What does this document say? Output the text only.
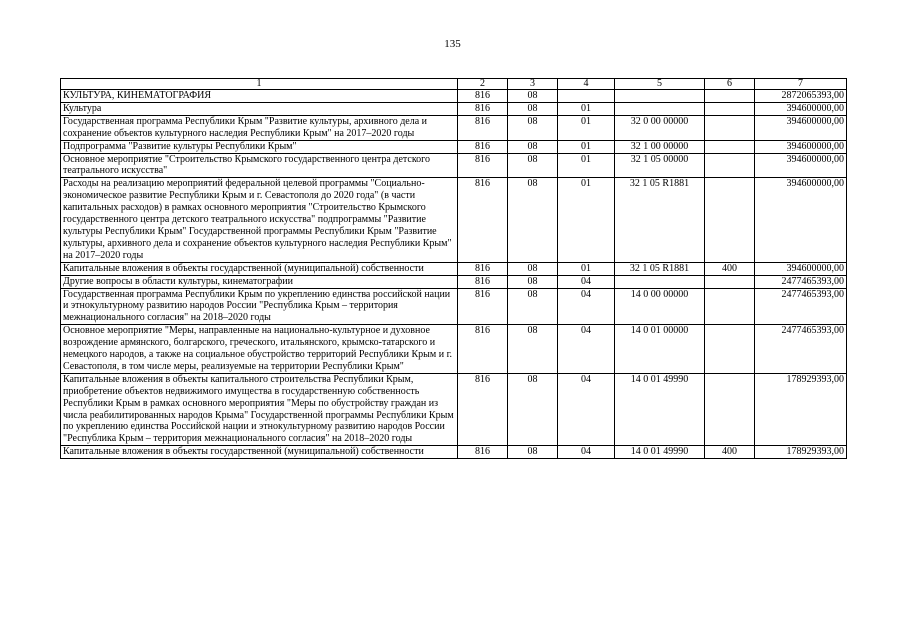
135
1	2	3	4	5	6	7
КУЛЬТУРА, КИНЕМАТОГРАФИЯ	816	08				2872065393,00
Культура	816	08	01			394600000,00
Государственная программа Республики Крым "Развитие культуры, архивного дела и сохранение объектов культурного наследия Республики Крым" на 2017–2020 годы	816	08	01	32 0 00 00000		394600000,00
Подпрограмма "Развитие культуры Республики Крым"	816	08	01	32 1 00 00000		394600000,00
Основное мероприятие "Строительство Крымского государственного центра детского театрального искусства"	816	08	01	32 1 05 00000		394600000,00
Расходы на реализацию мероприятий федеральной целевой программы "Социально-экономическое развитие Республики Крым и г. Севастополя до 2020 года" (в части капитальных расходов) в рамках основного мероприятия "Строительство Крымского государственного центра детского театрального искусства" подпрограммы "Развитие культуры Республики Крым" Государственной программы Республики Крым "Развитие культуры, архивного дела и сохранение объектов культурного наследия Республики Крым" на 2017–2020 годы	816	08	01	32 1 05 R1881		394600000,00
Капитальные вложения в объекты государственной (муниципальной) собственности	816	08	01	32 1 05 R1881	400	394600000,00
Другие вопросы в области культуры, кинематографии	816	08	04			2477465393,00
Государственная программа Республики Крым по укреплению единства российской нации и этнокультурному развитию народов России "Республика Крым – территория межнационального согласия" на 2018–2020 годы	816	08	04	14 0 00 00000		2477465393,00
Основное мероприятие "Меры, направленные на национально-культурное и духовное возрождение армянского, болгарского, греческого, итальянского, крымско-татарского и немецкого народов, а также на социальное обустройство территорий Республики Крым и г. Севастополя, в том числе меры, реализуемые на территории Республики Крым"	816	08	04	14 0 01 00000		2477465393,00
Капитальные вложения в объекты капитального строительства Республики Крым, приобретение объектов недвижимого имущества в государственную собственность Республики Крым в рамках основного мероприятия "Меры по обустройству граждан из числа реабилитированных народов Крыма" Государственной программы Республики Крым по укреплению единства Российской нации и этнокультурному развитию народов России "Республика Крым – территория межнационального согласия" на 2018–2020 годы	816	08	04	14 0 01 49990		178929393,00
Капитальные вложения в объекты государственной (муниципальной) собственности	816	08	04	14 0 01 49990	400	178929393,00
